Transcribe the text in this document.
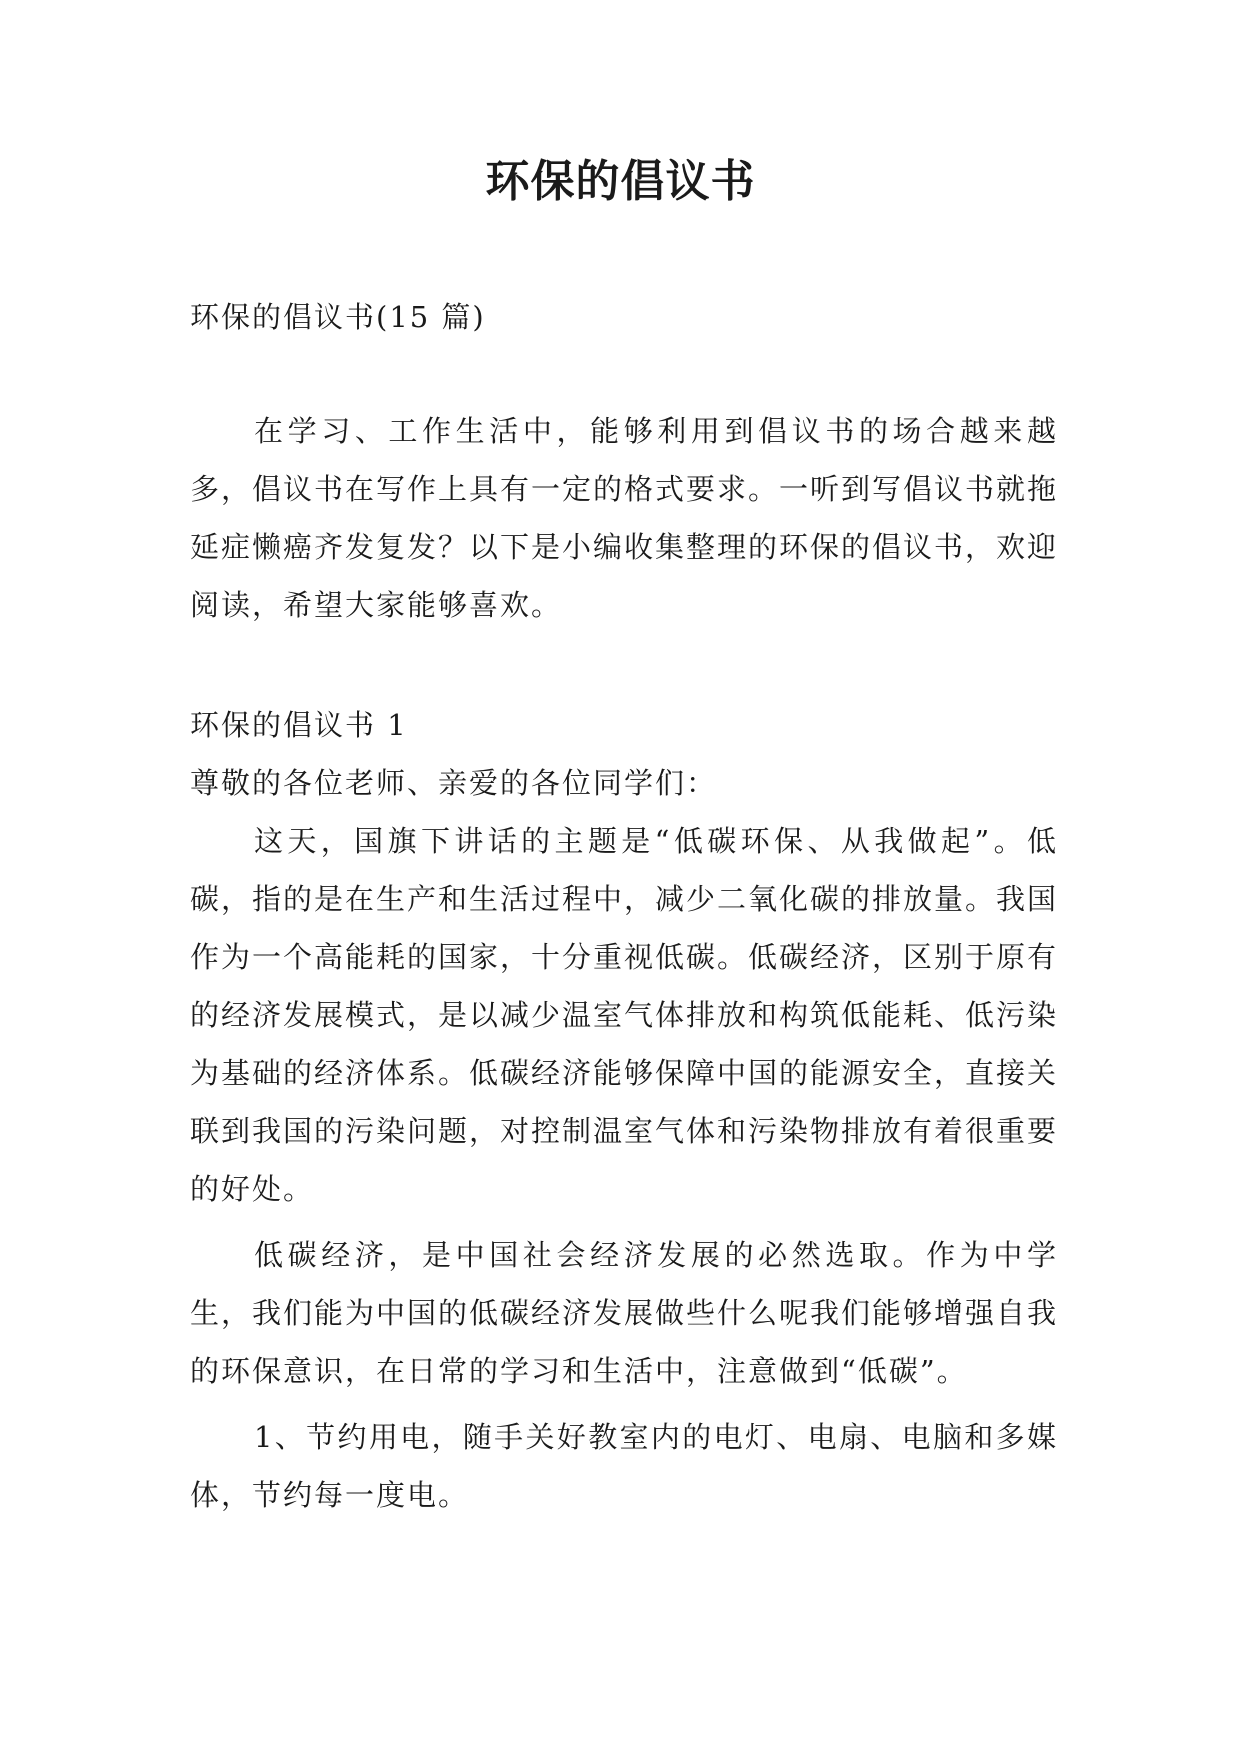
环保的倡议书
环保的倡议书(15 篇)
在学习、工作生活中，能够利用到倡议书的场合越来越多，倡议书在写作上具有一定的格式要求。一听到写倡议书就拖延症懒癌齐发复发？以下是小编收集整理的环保的倡议书，欢迎阅读，希望大家能够喜欢。

环保的倡议书 1

尊敬的各位老师、亲爱的各位同学们：

这天，国旗下讲话的主题是“低碳环保、从我做起”。低碳，指的是在生产和生活过程中，减少二氧化碳的排放量。我国作为一个高能耗的国家，十分重视低碳。低碳经济，区别于原有的经济发展模式，是以减少温室气体排放和构筑低能耗、低污染为基础的经济体系。低碳经济能够保障中国的能源安全，直接关联到我国的污染问题，对控制温室气体和污染物排放有着很重要的好处。

低碳经济，是中国社会经济发展的必然选取。作为中学生，我们能为中国的低碳经济发展做些什么呢我们能够增强自我的环保意识，在日常的学习和生活中，注意做到“低碳”。

1、节约用电，随手关好教室内的电灯、电扇、电脑和多媒体，节约每一度电。
